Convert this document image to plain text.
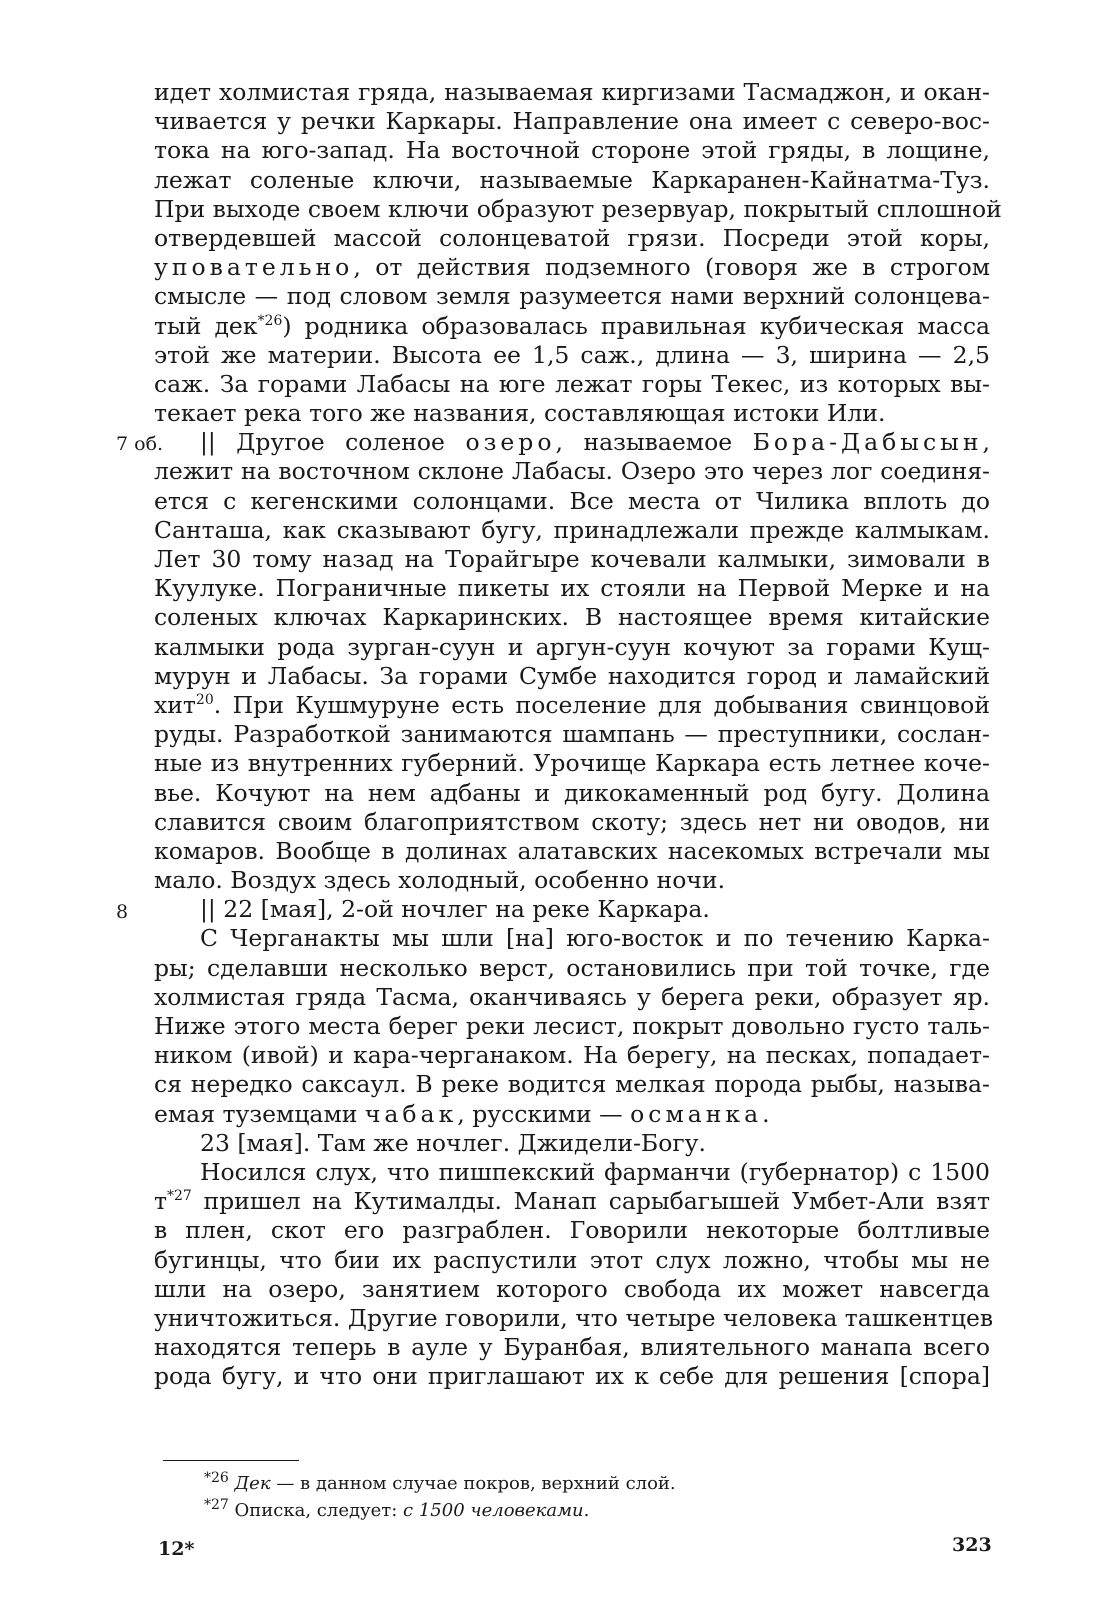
идет холмистая гряда, называемая киргизами Тасмаджон, и окан-
чивается у речки Каркары. Направление она имеет с северо-вос-
тока на юго-запад. На восточной стороне этой гряды, в лощине,
лежат соленые ключи, называемые Каркаранен-Кайнатма-Туз.
При выходе своем ключи образуют резервуар, покрытый сплошной
отвердевшей массой солонцеватой грязи. Посреди этой коры,
уповательно, от действия подземного (говоря же в строгом
смысле — под словом земля разумеется нами верхний солонцева-
тый дек$^{*26}$) родника образовалась правильная кубическая масса
этой же материи. Высота ее 1,5 саж., длина — 3, ширина — 2,5
саж. За горами Лабасы на юге лежат горы Текес, из которых вы-
текает река того же названия, составляющая истоки Или.
|| Другое соленое озеро, называемое Бора-Дабысын,
лежит на восточном склоне Лабасы. Озеро это через лог соединя-
ется с кегенскими солонцами. Все места от Чилика вплоть до
Санташа, как сказывают бугу, принадлежали прежде калмыкам.
Лет 30 тому назад на Торайгыре кочевали калмыки, зимовали в
Куулуке. Пограничные пикеты их стояли на Первой Мерке и на
соленых ключах Каркаринских. В настоящее время китайские
калмыки рода зурган-суун и аргун-суун кочуют за горами Кущ-
мурун и Лабасы. За горами Сумбе находится город и ламайский
хит$^{20}$. При Кушмуруне есть поселение для добывания свинцовой
руды. Разработкой занимаются шампань — преступники, сослан-
ные из внутренних губерний. Урочище Каркара есть летнее коче-
вье. Кочуют на нем адбаны и дикокаменный род бугу. Долина
славится своим благоприятством скоту; здесь нет ни оводов, ни
комаров. Вообще в долинах алатавских насекомых встречали мы
мало. Воздух здесь холодный, особенно ночи.
|| 22 [мая], 2-ой ночлег на реке Каркара.
С Черганакты мы шли [на] юго-восток и по течению Карка-
ры; сделавши несколько верст, остановились при той точке, где
холмистая гряда Тасма, оканчиваясь у берега реки, образует яр.
Ниже этого места берег реки лесист, покрыт довольно густо таль-
ником (ивой) и кара-черганаком. На берегу, на песках, попадает-
ся нередко саксаул. В реке водится мелкая порода рыбы, называ-
емая туземцами чабак, русскими — османка.
23 [мая]. Там же ночлег. Джидели-Богу.
Носился слух, что пишпекский фарманчи (губернатор) с 1500
$т^{*27}$ пришел на Кутималды. Манап сарыбагышей Умбет-Али взят
в плен, скот его разграблен. Говорили некоторые болтливые
бугинцы, что бии их распустили этот слух ложно, чтобы мы не
шли на озеро, занятием которого свобода их может навсегда
уничтожиться. Другие говорили, что четыре человека ташкентцев
находятся теперь в ауле у Буранбая, влиятельного манапа всего
рода бугу, и что они приглашают их к себе для решения [спора]
7 об.
8
$^{*26}$ Дек — в данном случае покров, верхний слой.
$^{*27}$ Описка, следует: с 1500 человеками.
12*	323
